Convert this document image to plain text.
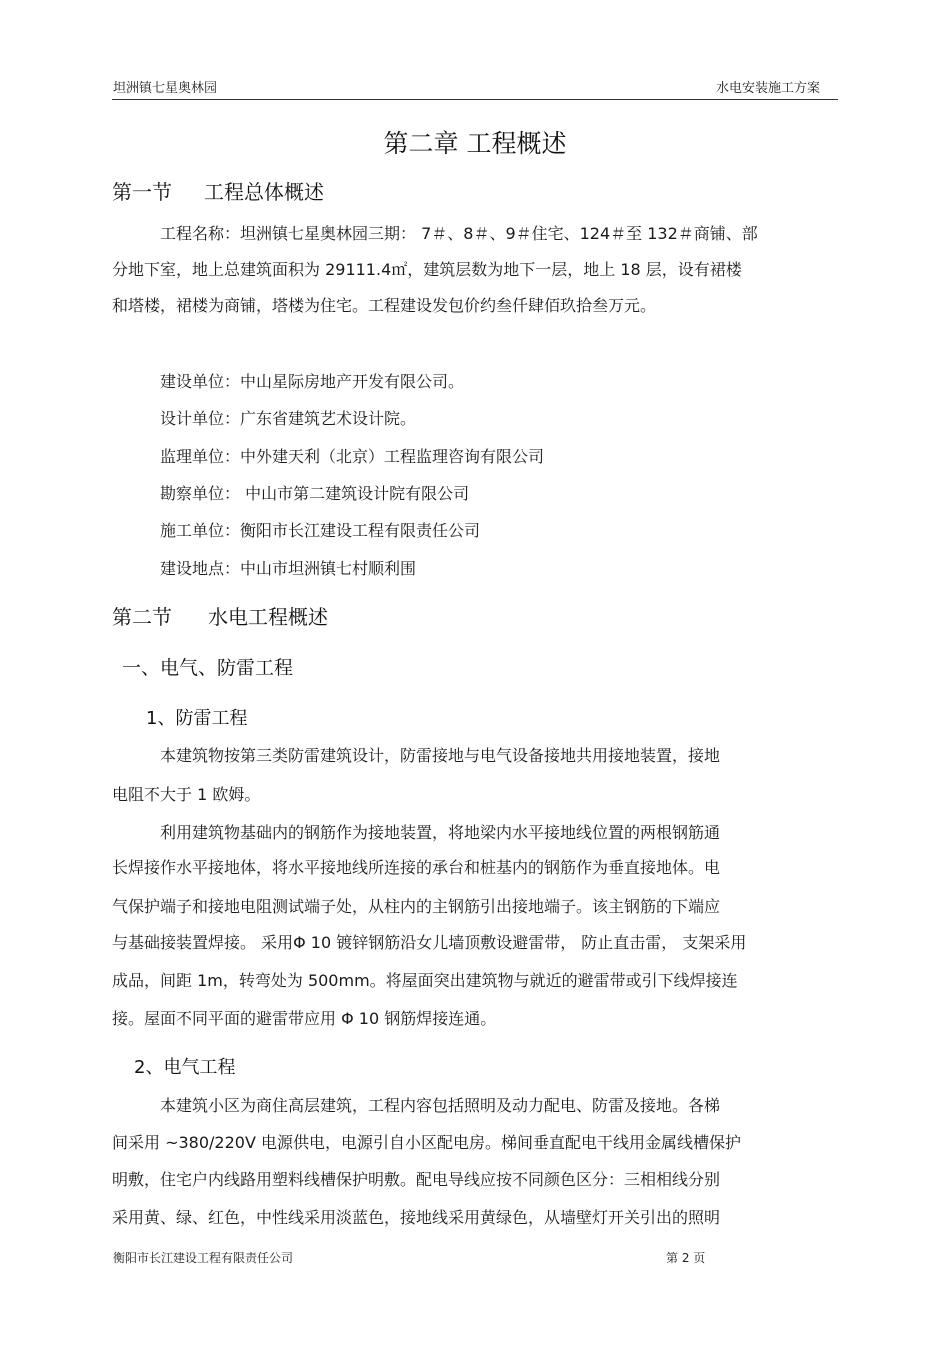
坦洲镇七星奥林园	水电安装施工方案
第二章 工程概述
第一节 工程总体概述
工程名称：坦洲镇七星奥林园三期： 7＃、8＃、9＃住宅、124＃至 132＃商铺、部
分地下室，地上总建筑面积为 29111.4㎡，建筑层数为地下一层，地上 18 层，设有裙楼
和塔楼，裙楼为商铺，塔楼为住宅。工程建设发包价约叁仟肆佰玖拾叁万元。
建设单位：中山星际房地产开发有限公司。
设计单位：广东省建筑艺术设计院。
监理单位：中外建天利（北京）工程监理咨询有限公司
勘察单位： 中山市第二建筑设计院有限公司
施工单位：衡阳市长江建设工程有限责任公司
建设地点：中山市坦洲镇七村顺利围
第二节 水电工程概述
一、电气、防雷工程
1、防雷工程
本建筑物按第三类防雷建筑设计，防雷接地与电气设备接地共用接地装置，接地
电阻不大于 1 欧姆。
利用建筑物基础内的钢筋作为接地装置，将地梁内水平接地线位置的两根钢筋通
长焊接作水平接地体，将水平接地线所连接的承台和桩基内的钢筋作为垂直接地体。电
气保护端子和接地电阻测试端子处，从柱内的主钢筋引出接地端子。该主钢筋的下端应
与基础接装置焊接。 采用Φ 10 镀锌钢筋沿女儿墙顶敷设避雷带， 防止直击雷， 支架采用
成品，间距 1m，转弯处为 500mm。将屋面突出建筑物与就近的避雷带或引下线焊接连
接。屋面不同平面的避雷带应用 Φ 10 钢筋焊接连通。
2、电气工程
本建筑小区为商住高层建筑，工程内容包括照明及动力配电、防雷及接地。各梯
间采用 ~380/220V 电源供电，电源引自小区配电房。梯间垂直配电干线用金属线槽保护
明敷，住宅户内线路用塑料线槽保护明敷。配电导线应按不同颜色区分：三相相线分别
采用黄、绿、红色，中性线采用淡蓝色，接地线采用黄绿色，从墙壁灯开关引出的照明
衡阳市长江建设工程有限责任公司	第 2 页
